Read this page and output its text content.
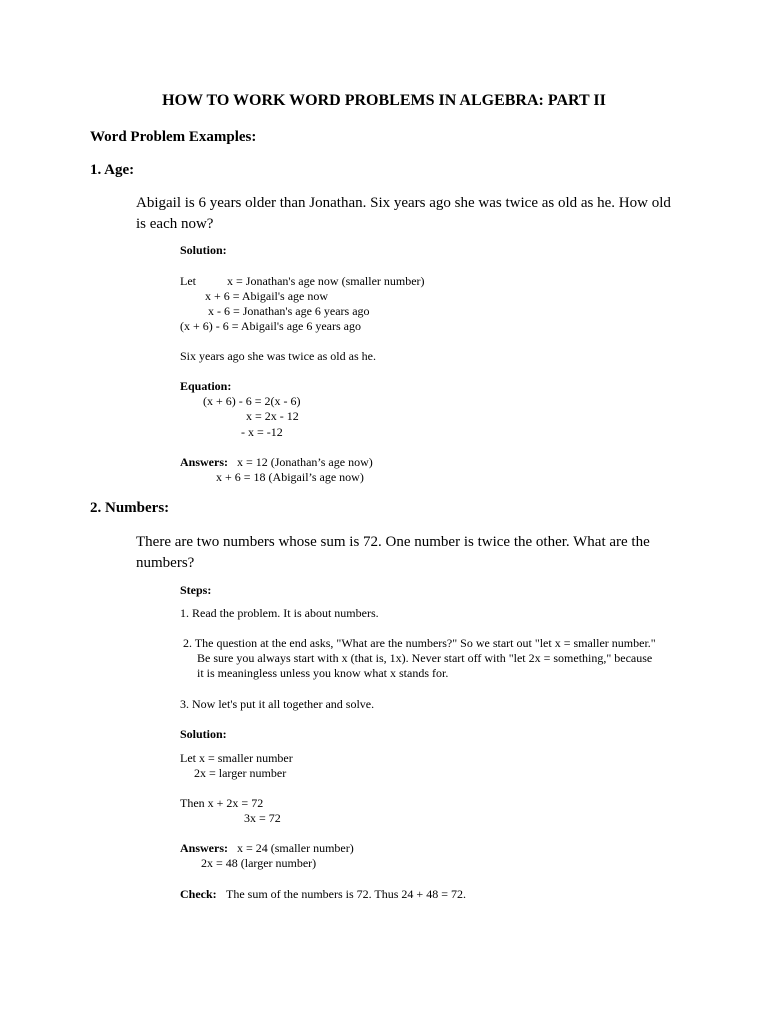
HOW TO WORK WORD PROBLEMS IN ALGEBRA: PART II
Word Problem Examples:
1. Age:
Abigail is 6 years older than Jonathan. Six years ago she was twice as old as he. How old is each now?
Solution:
Let	x = Jonathan's age now (smaller number)
x + 6 = Abigail's age now
x - 6 = Jonathan's age 6 years ago
(x + 6) - 6 = Abigail's age 6 years ago
Six years ago she was twice as old as he.
Equation:
(x + 6) - 6 = 2(x - 6)
x = 2x - 12
- x = -12
Answers: x = 12 (Jonathan’s age now)
x + 6 = 18 (Abigail’s age now)
2. Numbers:
There are two numbers whose sum is 72. One number is twice the other. What are the numbers?
Steps:
1. Read the problem. It is about numbers.
2. The question at the end asks, "What are the numbers?" So we start out "let x = smaller number." Be sure you always start with x (that is, 1x). Never start off with "let 2x = something," because it is meaningless unless you know what x stands for.
3. Now let's put it all together and solve.
Solution:
Let x = smaller number
2x = larger number
Then x + 2x = 72
3x = 72
Answers: x = 24 (smaller number)
2x = 48 (larger number)
Check: The sum of the numbers is 72. Thus 24 + 48 = 72.
